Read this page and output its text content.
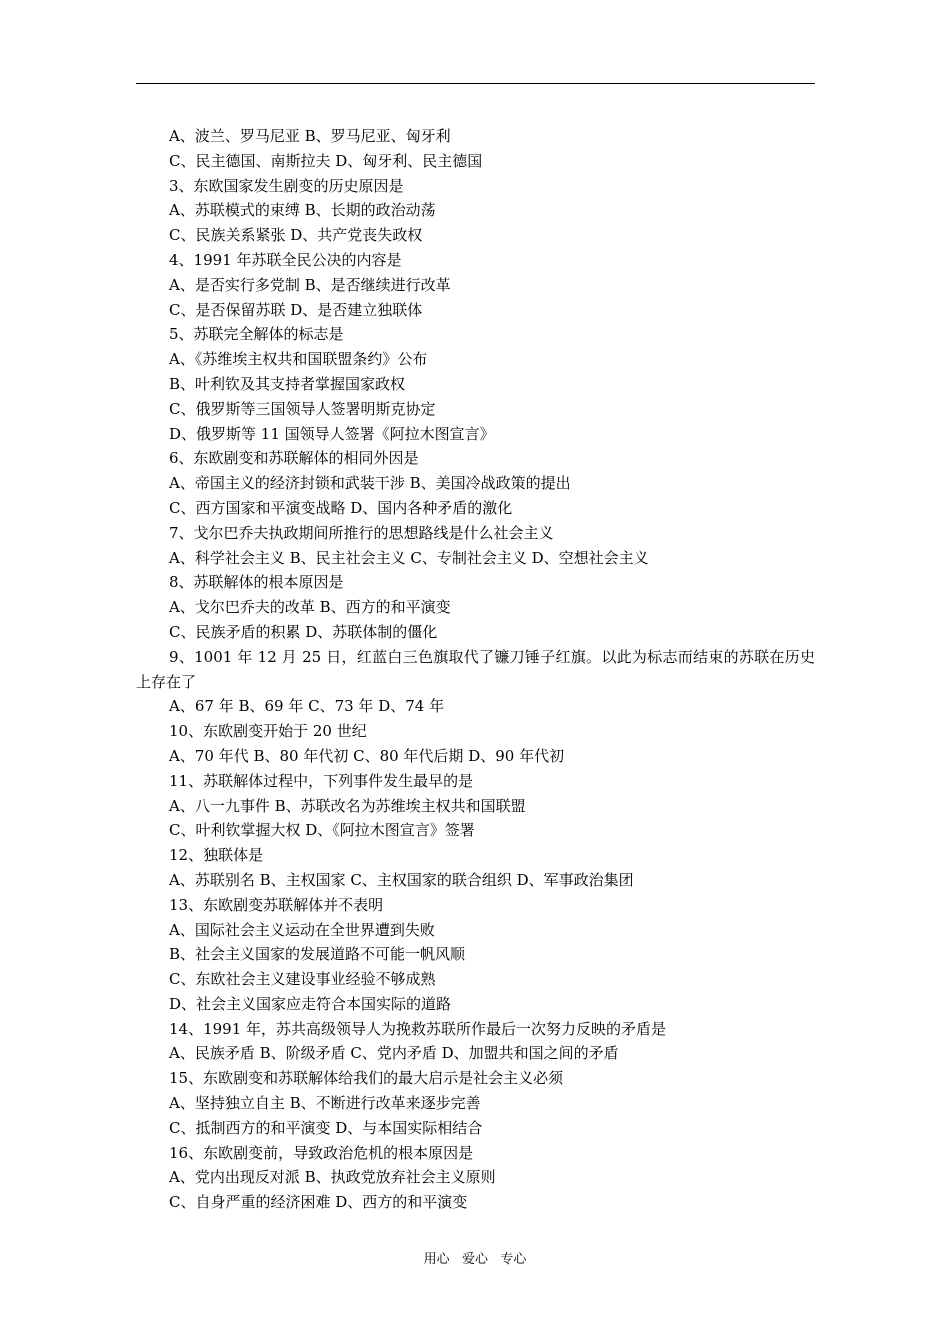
A、波兰、罗马尼亚 B、罗马尼亚、匈牙利
C、民主德国、南斯拉夫 D、匈牙利、民主德国
3、东欧国家发生剧变的历史原因是
A、苏联模式的束缚 B、长期的政治动荡
C、民族关系紧张 D、共产党丧失政权
4、1991 年苏联全民公决的内容是
A、是否实行多党制 B、是否继续进行改革
C、是否保留苏联 D、是否建立独联体
5、苏联完全解体的标志是
A、《苏维埃主权共和国联盟条约》公布
B、叶利钦及其支持者掌握国家政权
C、俄罗斯等三国领导人签署明斯克协定
D、俄罗斯等 11 国领导人签署《阿拉木图宣言》
6、东欧剧变和苏联解体的相同外因是
A、帝国主义的经济封锁和武装干涉 B、美国冷战政策的提出
C、西方国家和平演变战略 D、国内各种矛盾的激化
7、戈尔巴乔夫执政期间所推行的思想路线是什么社会主义
A、科学社会主义 B、民主社会主义 C、专制社会主义 D、空想社会主义
8、苏联解体的根本原因是
A、戈尔巴乔夫的改革 B、西方的和平演变
C、民族矛盾的积累 D、苏联体制的僵化
9、1001 年 12 月 25 日，红蓝白三色旗取代了镰刀锤子红旗。以此为标志而结束的苏联在历史上存在了
A、67 年 B、69 年 C、73 年 D、74 年
10、东欧剧变开始于 20 世纪
A、70 年代 B、80 年代初 C、80 年代后期 D、90 年代初
11、苏联解体过程中，下列事件发生最早的是
A、八一九事件 B、苏联改名为苏维埃主权共和国联盟
C、叶利钦掌握大权 D、《阿拉木图宣言》签署
12、独联体是
A、苏联别名 B、主权国家 C、主权国家的联合组织 D、军事政治集团
13、东欧剧变苏联解体并不表明
A、国际社会主义运动在全世界遭到失败
B、社会主义国家的发展道路不可能一帆风顺
C、东欧社会主义建设事业经验不够成熟
D、社会主义国家应走符合本国实际的道路
14、1991 年，苏共高级领导人为挽救苏联所作最后一次努力反映的矛盾是
A、民族矛盾 B、阶级矛盾 C、党内矛盾 D、加盟共和国之间的矛盾
15、东欧剧变和苏联解体给我们的最大启示是社会主义必须
A、坚持独立自主 B、不断进行改革来逐步完善
C、抵制西方的和平演变 D、与本国实际相结合
16、东欧剧变前，导致政治危机的根本原因是
A、党内出现反对派 B、执政党放弃社会主义原则
C、自身严重的经济困难 D、西方的和平演变
用心   爱心   专心
